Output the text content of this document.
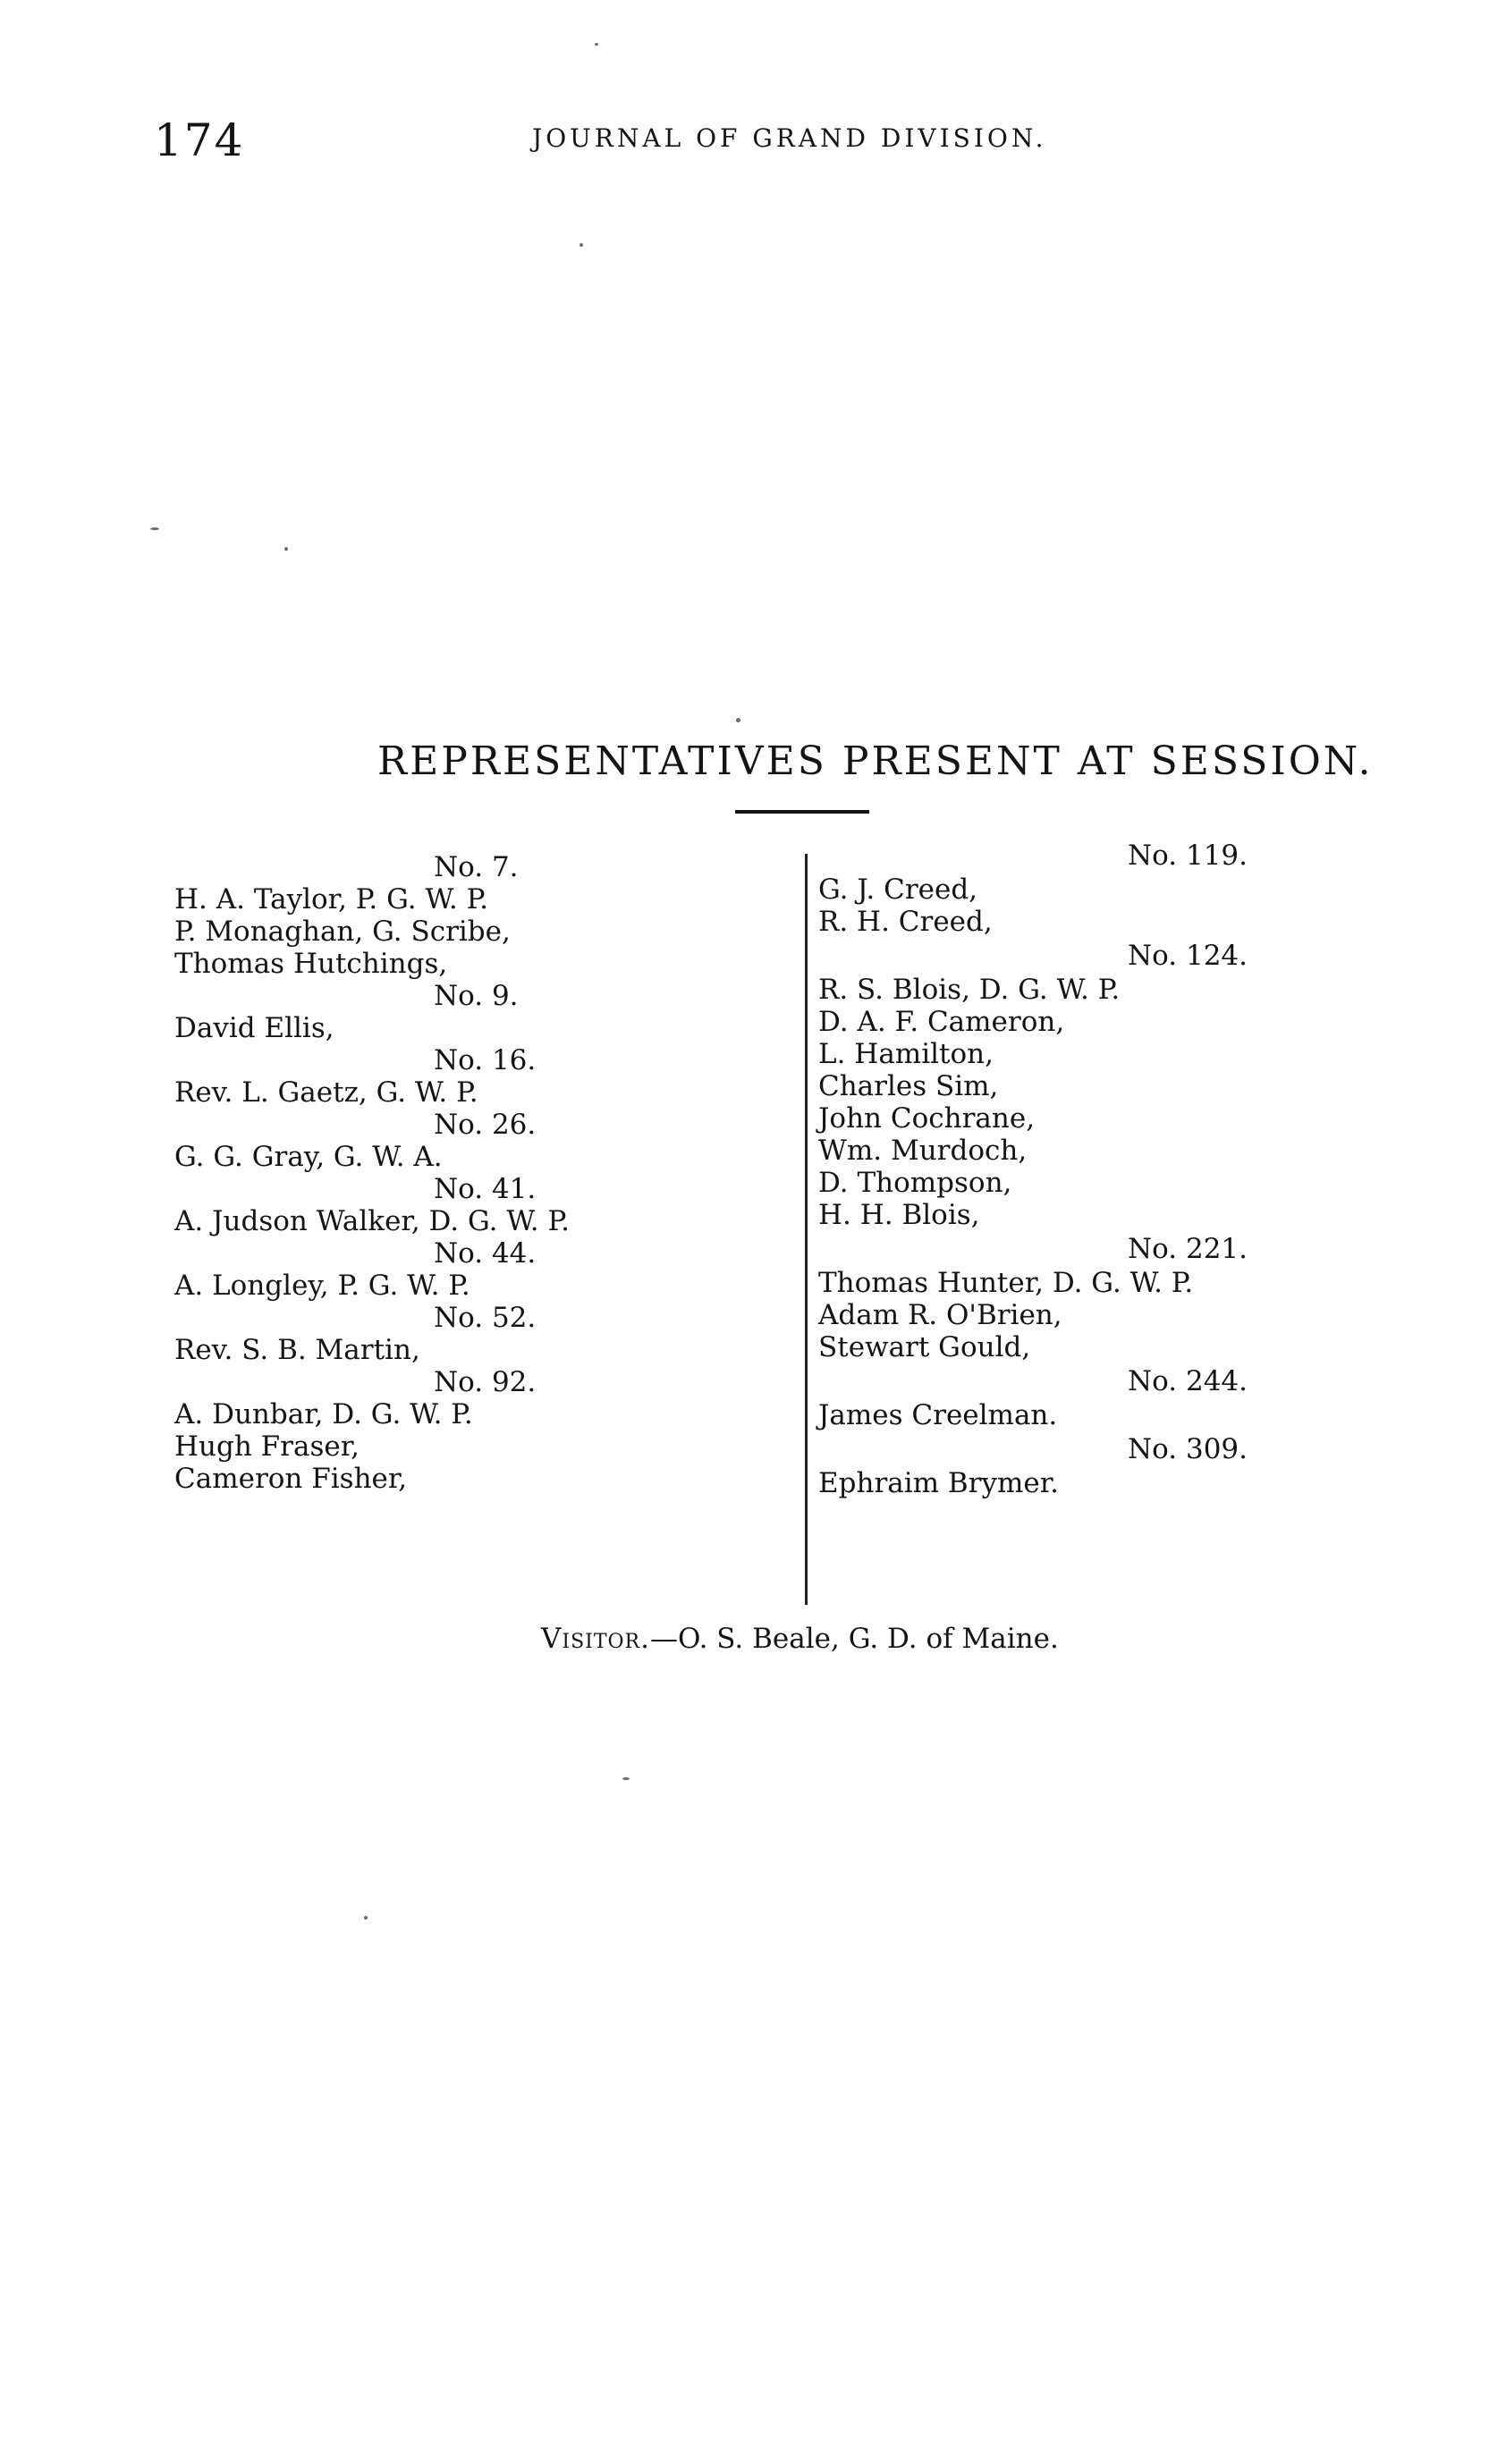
174	JOURNAL OF GRAND DIVISION.
REPRESENTATIVES PRESENT AT SESSION.

No. 7.

H. A. Taylor, P. G. W. P.

P. Monaghan, G. Scribe,

Thomas Hutchings,

No. 9.

David Ellis,

No. 16.

Rev. L. Gaetz, G. W. P.

No. 26.

G. G. Gray, G. W. A.

No. 41.

A. Judson Walker, D. G. W. P.

No. 44.

A. Longley, P. G. W. P.

No. 52.

Rev. S. B. Martin,

No. 92.

A. Dunbar, D. G. W. P.

Hugh Fraser,

Cameron Fisher,

No. 119.

G. J. Creed,

R. H. Creed,

No. 124.

R. S. Blois, D. G. W. P.

D. A. F. Cameron,

L. Hamilton,

Charles Sim,

John Cochrane,

Wm. Murdoch,

D. Thompson,

H. H. Blois,

No. 221.

Thomas Hunter, D. G. W. P.

Adam R. O'Brien,

Stewart Gould,

No. 244.

James Creelman.

No. 309.

Ephraim Brymer.

Visitor.—O. S. Beale, G. D. of Maine.
